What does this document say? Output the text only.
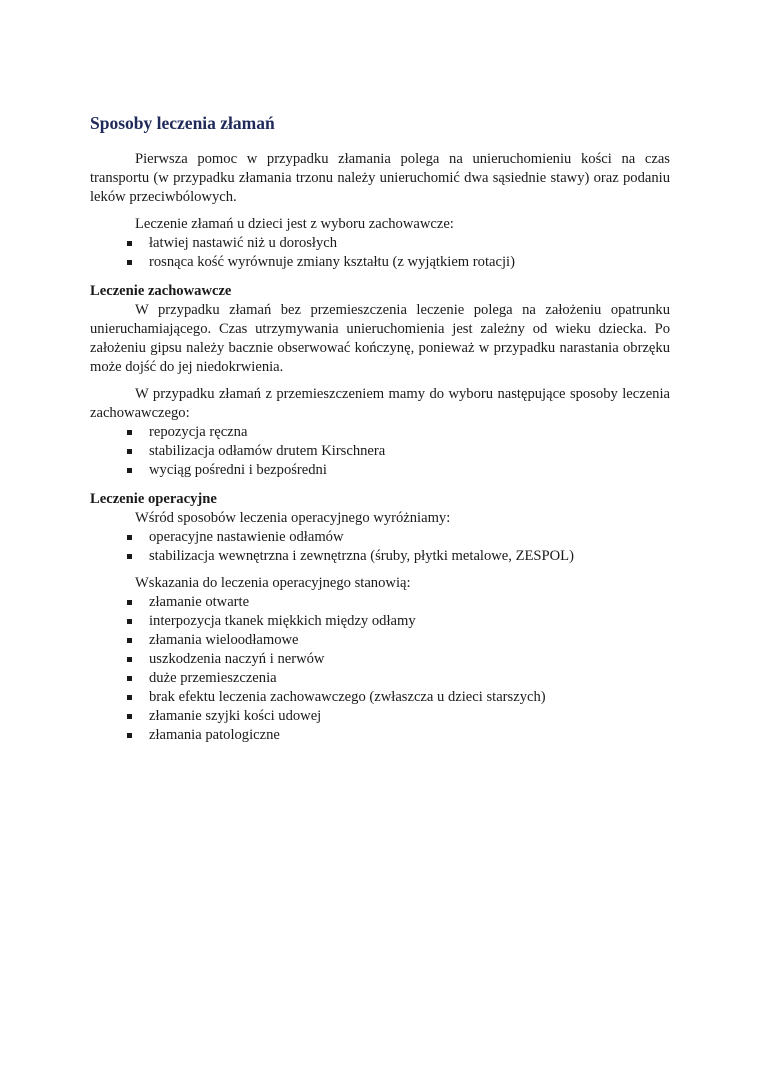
Sposoby leczenia złamań

Pierwsza pomoc w przypadku złamania polega na unieruchomieniu kości na czas transportu (w przypadku złamania trzonu należy unieruchomić dwa sąsiednie stawy) oraz podaniu leków przeciwbólowych.

Leczenie złamań u dzieci jest z wyboru zachowawcze:

łatwiej nastawić niż u dorosłych
rosnąca kość wyrównuje zmiany kształtu (z wyjątkiem rotacji)
Leczenie zachowawcze

W przypadku złamań bez przemieszczenia leczenie polega na założeniu opatrunku unieruchamiającego. Czas utrzymywania unieruchomienia jest zależny od wieku dziecka. Po założeniu gipsu należy bacznie obserwować kończynę, ponieważ w przypadku narastania obrzęku może dojść do jej niedokrwienia.

W przypadku złamań z przemieszczeniem mamy do wyboru następujące sposoby leczenia zachowawczego:

repozycja ręczna
stabilizacja odłamów drutem Kirschnera
wyciąg pośredni i bezpośredni
Leczenie operacyjne

Wśród sposobów leczenia operacyjnego wyróżniamy:

operacyjne nastawienie odłamów
stabilizacja wewnętrzna i zewnętrzna (śruby, płytki metalowe, ZESPOL)

Wskazania do leczenia operacyjnego stanowią:

złamanie otwarte
interpozycja tkanek miękkich między odłamy
złamania wieloodłamowe
uszkodzenia naczyń i nerwów
duże przemieszczenia
brak efektu leczenia zachowawczego (zwłaszcza u dzieci starszych)
złamanie szyjki kości udowej
złamania patologiczne
